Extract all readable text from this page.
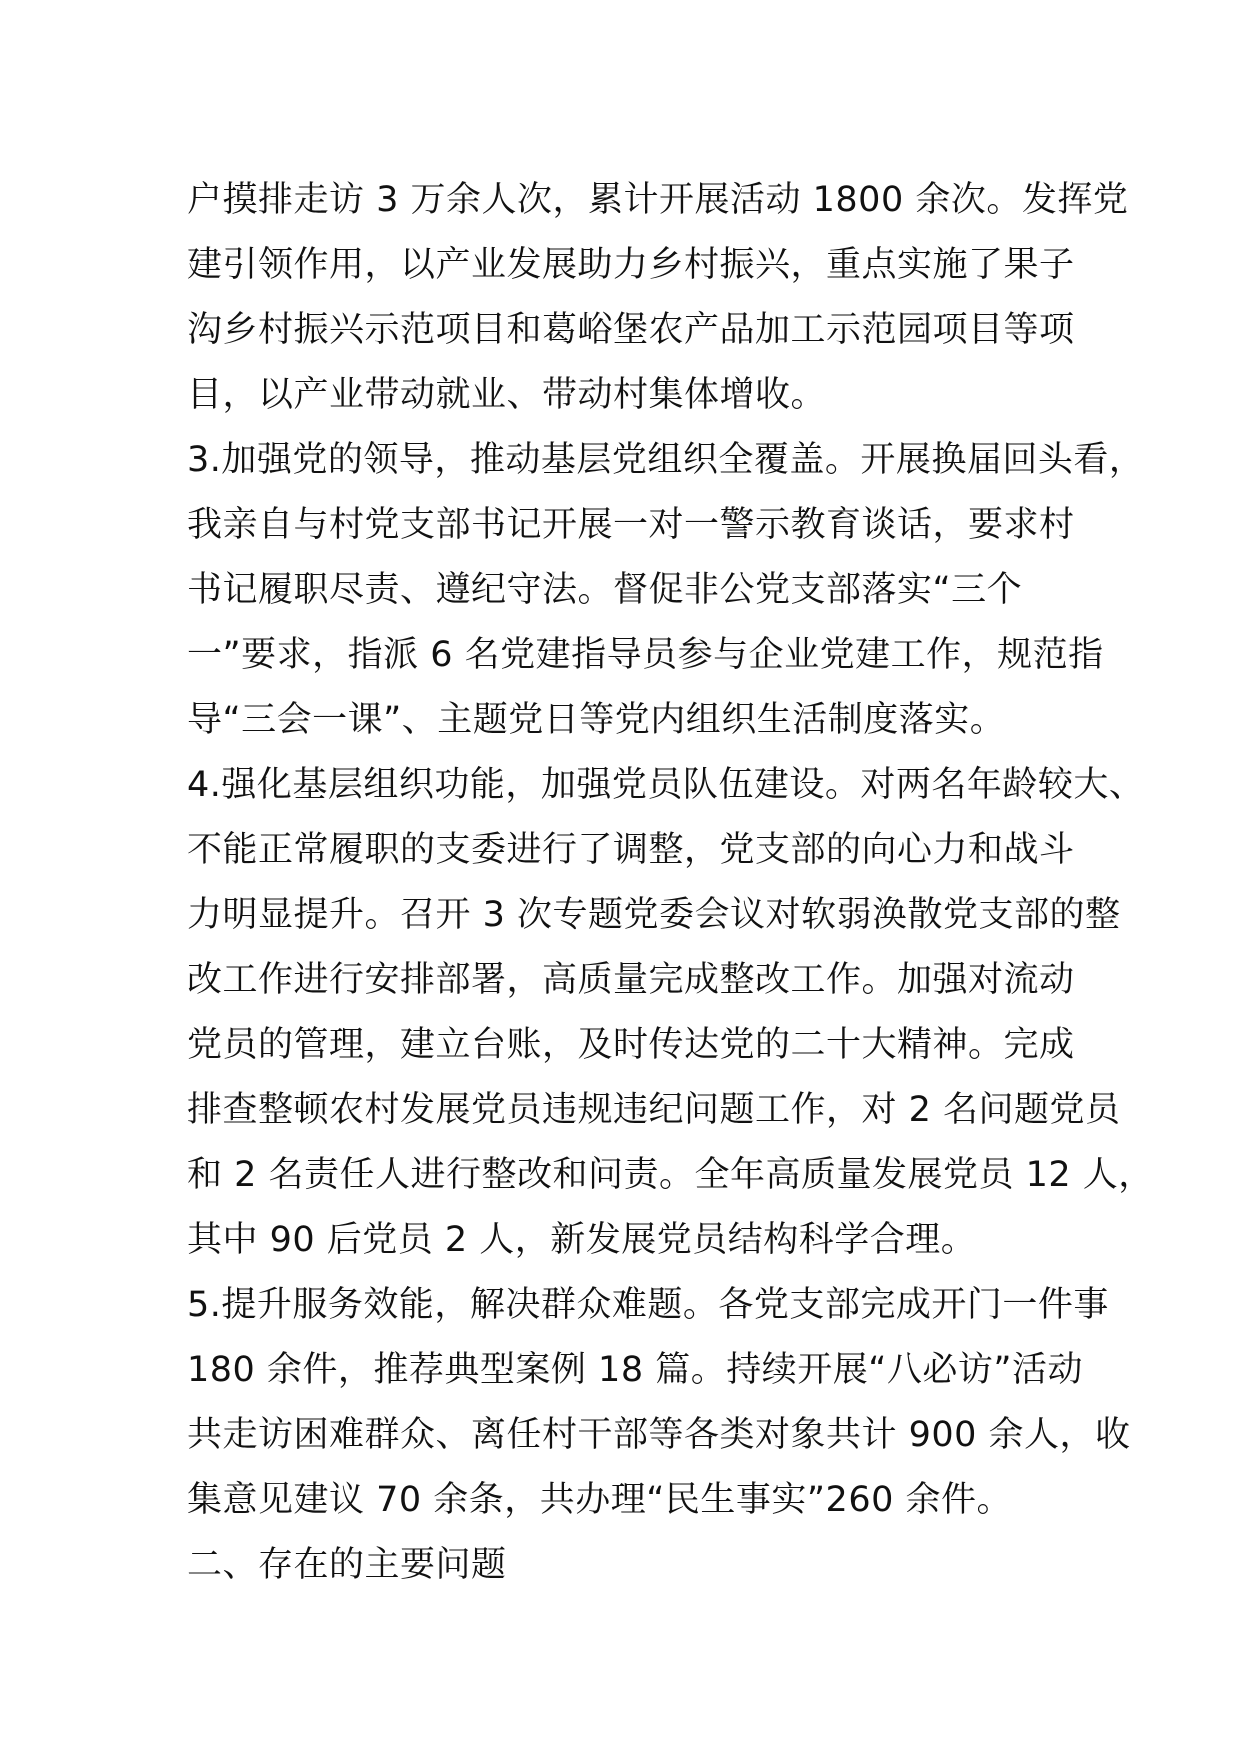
户摸排走访 3 万余人次，累计开展活动 1800 余次。发挥党
建引领作用，以产业发展助力乡村振兴，重点实施了果子
沟乡村振兴示范项目和葛峪堡农产品加工示范园项目等项
目，以产业带动就业、带动村集体增收。
3.加强党的领导，推动基层党组织全覆盖。开展换届回头看，
我亲自与村党支部书记开展一对一警示教育谈话，要求村
书记履职尽责、遵纪守法。督促非公党支部落实“三个
一”要求，指派 6 名党建指导员参与企业党建工作，规范指
导“三会一课”、主题党日等党内组织生活制度落实。
4.强化基层组织功能，加强党员队伍建设。对两名年龄较大、
不能正常履职的支委进行了调整，党支部的向心力和战斗
力明显提升。召开 3 次专题党委会议对软弱涣散党支部的整
改工作进行安排部署，高质量完成整改工作。加强对流动
党员的管理，建立台账，及时传达党的二十大精神。完成
排查整顿农村发展党员违规违纪问题工作，对 2 名问题党员
和 2 名责任人进行整改和问责。全年高质量发展党员 12 人，
其中 90 后党员 2 人，新发展党员结构科学合理。
5.提升服务效能，解决群众难题。各党支部完成开门一件事
180 余件，推荐典型案例 18 篇。持续开展“八必访”活动
共走访困难群众、离任村干部等各类对象共计 900 余人，收
集意见建议 70 余条，共办理“民生事实”260 余件。
二、存在的主要问题
